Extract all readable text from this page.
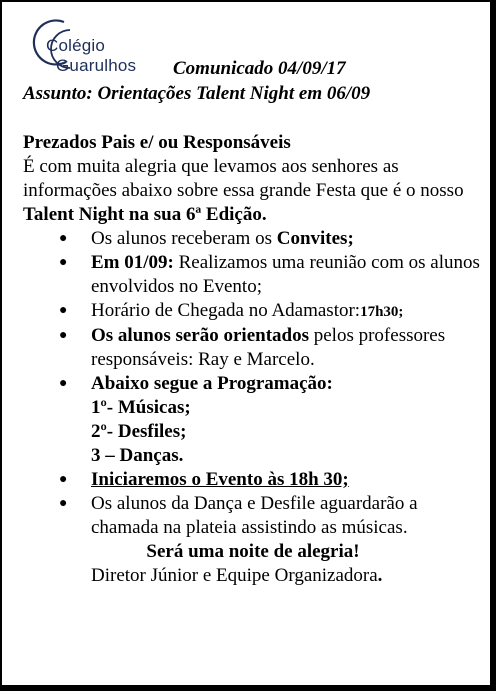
Colégio
Guarulhos Comunicado 04/09/17
Assunto: Orientações Talent Night em 06/09

Prezados Pais e/ ou Responsáveis

É com muita alegria que levamos aos senhores as informações abaixo sobre essa grande Festa que é o nosso Talent Night na sua 6ª Edição.

● Os alunos receberam os Convites;
● Em 01/09: Realizamos uma reunião com os alunos envolvidos no Evento;
● Horário de Chegada no Adamastor:17h30;
● Os alunos serão orientados pelos professores responsáveis: Ray e Marcelo.
● Abaixo segue a Programação:
1º- Músicas;
2º- Desfiles;
3 – Danças.
● Iniciaremos o Evento às 18h 30;
● Os alunos da Dança e Desfile aguardarão a chamada na plateia assistindo as músicas.

Será uma noite de alegria!

Diretor Júnior e Equipe Organizadora.
